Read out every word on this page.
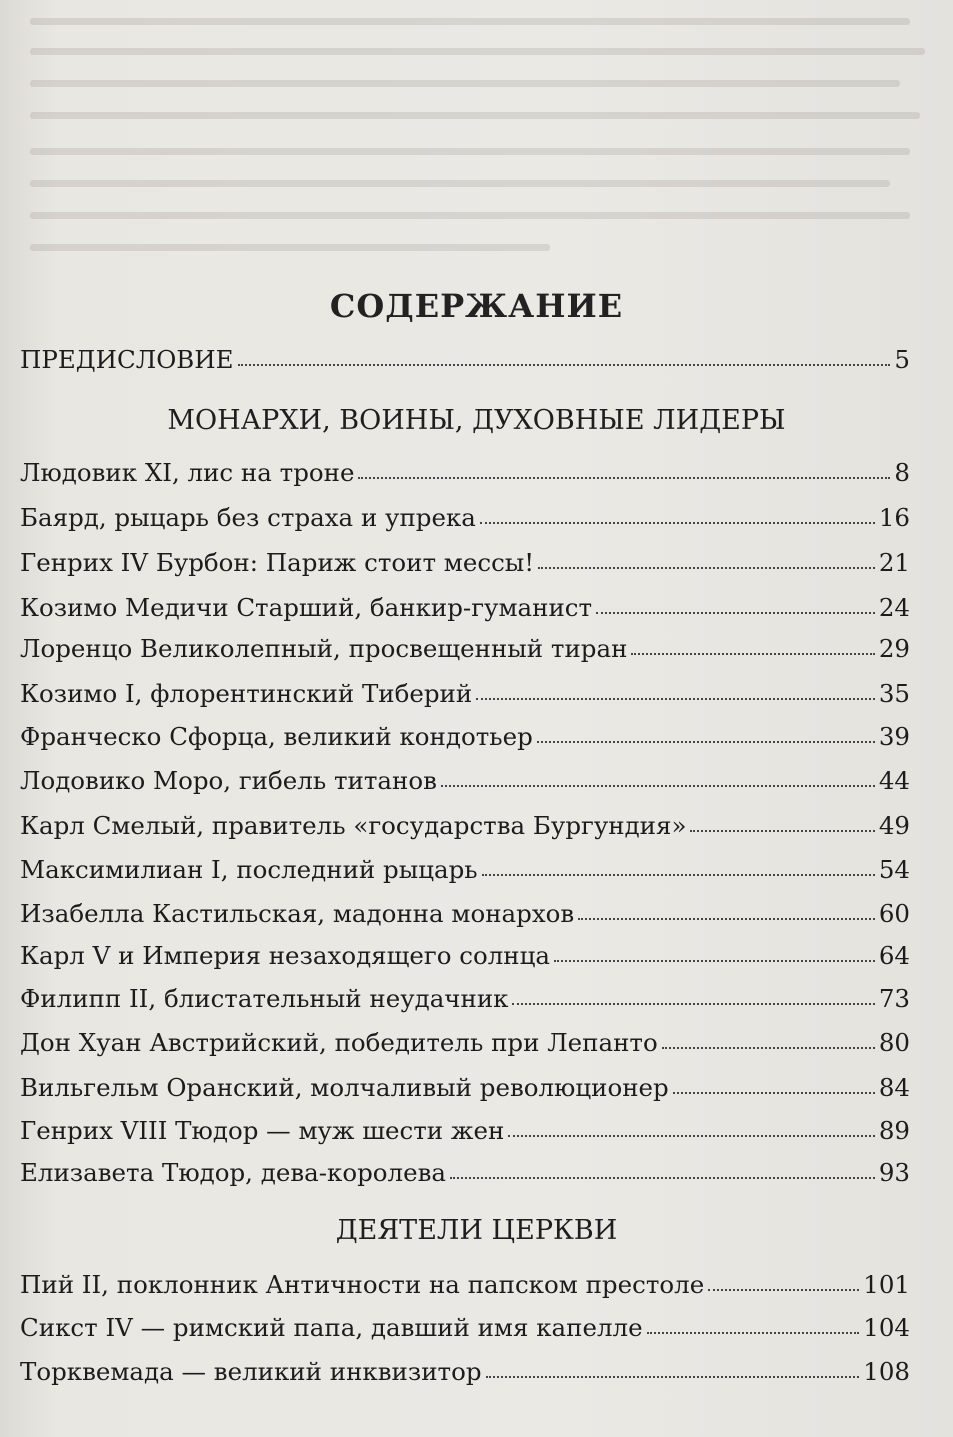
СОДЕРЖАНИЕ
ПРЕДИСЛОВИЕ	5
МОНАРХИ, ВОИНЫ, ДУХОВНЫЕ ЛИДЕРЫ
Людовик XI, лис на троне	8
Баярд, рыцарь без страха и упрека	16
Генрих IV Бурбон: Париж стоит мессы!	21
Козимо Медичи Старший, банкир-гуманист	24
Лоренцо Великолепный, просвещенный тиран	29
Козимо I, флорентинский Тиберий	35
Франческо Сфорца, великий кондотьер	39
Лодовико Моро, гибель титанов	44
Карл Смелый, правитель «государства Бургундия»	49
Максимилиан I, последний рыцарь	54
Изабелла Кастильская, мадонна монархов	60
Карл V и Империя незаходящего солнца	64
Филипп II, блистательный неудачник	73
Дон Хуан Австрийский, победитель при Лепанто	80
Вильгельм Оранский, молчаливый революционер	84
Генрих VIII Тюдор — муж шести жен	89
Елизавета Тюдор, дева-королева	93
ДЕЯТЕЛИ ЦЕРКВИ
Пий II, поклонник Античности на папском престоле	101
Сикст IV — римский папа, давший имя капелле	104
Торквемада — великий инквизитор	108
